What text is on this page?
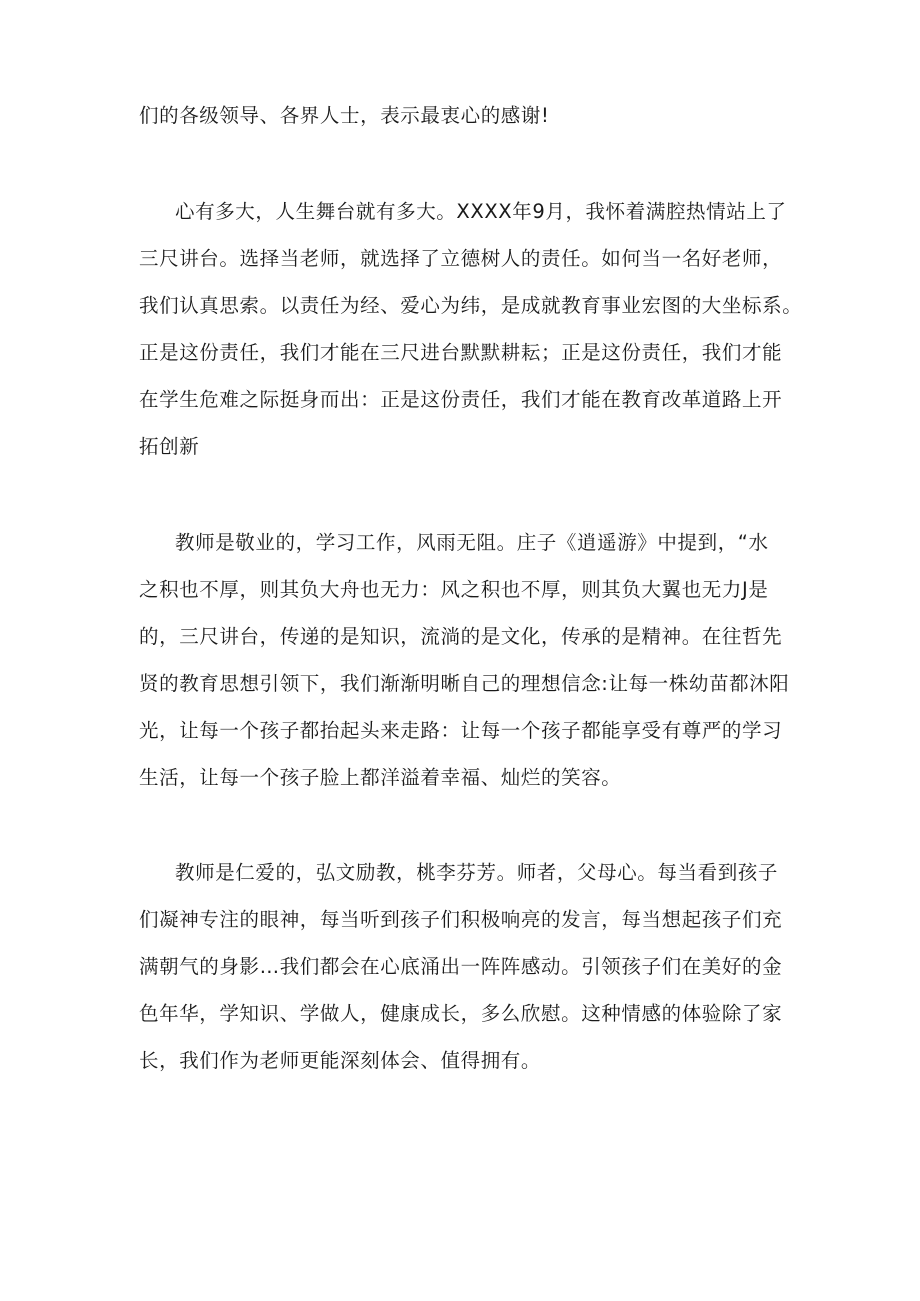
们的各级领导、各界人士，表示最衷心的感谢!
心有多大，人生舞台就有多大。XXXX年9月，我怀着满腔热情站上了
三尺讲台。选择当老师，就选择了立德树人的责任。如何当一名好老师，
我们认真思索。以责任为经、爱心为纬，是成就教育事业宏图的大坐标系。
正是这份责任，我们才能在三尺进台默默耕耘；正是这份责任，我们才能
在学生危难之际挺身而出：正是这份责任，我们才能在教育改革道路上开
拓创新
教师是敬业的，学习工作，风雨无阻。庄子《逍遥游》中提到，“水
之积也不厚，则其负大舟也无力：风之积也不厚，则其负大翼也无力J是
的，三尺讲台，传递的是知识，流淌的是文化，传承的是精神。在往哲先
贤的教育思想引领下，我们渐渐明晰自己的理想信念:让每一株幼苗都沐阳
光，让每一个孩子都抬起头来走路：让每一个孩子都能享受有尊严的学习
生活，让每一个孩子脸上都洋溢着幸福、灿烂的笑容。
教师是仁爱的，弘文励教，桃李芬芳。师者，父母心。每当看到孩子
们凝神专注的眼神，每当听到孩子们积极响亮的发言，每当想起孩子们充
满朝气的身影…我们都会在心底涌出一阵阵感动。引领孩子们在美好的金
色年华，学知识、学做人，健康成长，多么欣慰。这种情感的体验除了家
长，我们作为老师更能深刻体会、值得拥有。
